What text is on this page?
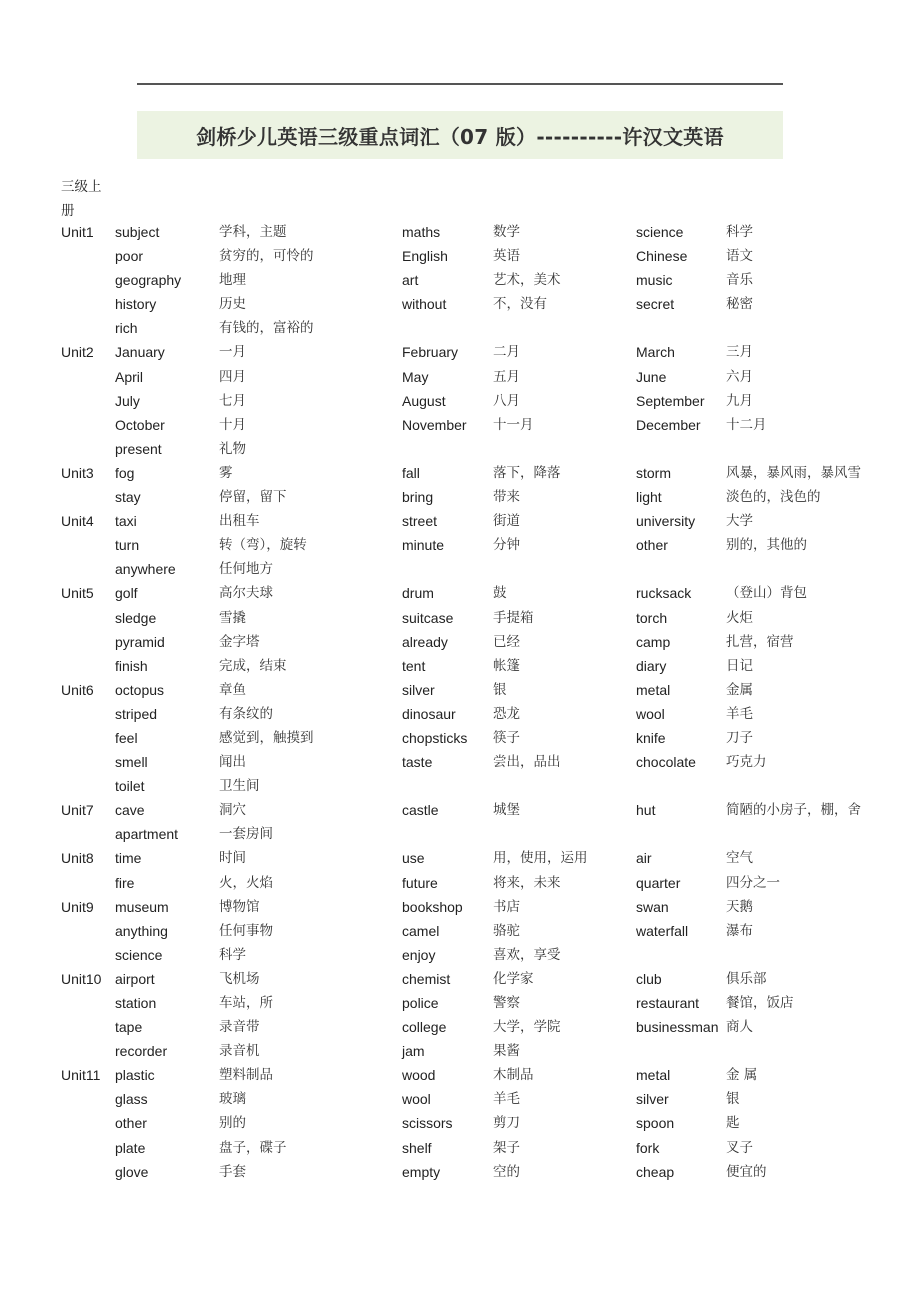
剑桥少儿英语三级重点词汇（07 版）----------许汉文英语
三级上
册
Unit1 subject	学科，主题	maths	数学	science	科学
poor	贫穷的，可怜的	English	英语	Chinese	语文
geography	地理	art	艺术，美术	music	音乐
history	历史	without	不，没有	secret	秘密
rich	有钱的，富裕的
Unit2 January	一月	February	二月	March	三月
April	四月	May	五月	June	六月
July	七月	August	八月	September 九月
October	十月	November 十一月	December 十二月
present	礼物
Unit3 fog	雾	fall	落下，降落	storm	风暴，暴风雨，暴风雪
stay	停留，留下	bring	带来	light	淡色的，浅色的
Unit4 taxi	出租车	street	街道	university 大学
turn	转（弯），旋转	minute	分钟	other	别的，其他的
anywhere	任何地方
Unit5 golf	高尔夫球	drum	鼓	rucksack	（登山）背包
sledge	雪撬	suitcase	手提箱	torch	火炬
pyramid	金字塔	already	已经	camp	扎营，宿营
finish	完成，结束	tent	帐篷	diary	日记
Unit6 octopus	章鱼	silver	银	metal	金属
striped	有条纹的	dinosaur	恐龙	wool	羊毛
feel	感觉到，触摸到	chopsticks 筷子	knife	刀子
smell	闻出	taste	尝出，品出	chocolate 巧克力
toilet	卫生间
Unit7 cave	洞穴	castle	城堡	hut	简陋的小房子，棚，舍
apartment	一套房间
Unit8 time	时间	use	用，使用，运用	air	空气
fire	火，火焰	future	将来，未来	quarter	四分之一
Unit9 museum	博物馆	bookshop 书店	swan	天鹅
anything	任何事物	camel	骆驼	waterfall	瀑布
science	科学	enjoy	喜欢，享受
Unit10 airport	飞机场	chemist	化学家	club	俱乐部
station	车站，所	police	警察	restaurant 餐馆，饭店
tape	录音带	college	大学，学院	businessman 商人
recorder	录音机	jam	果酱
Unit11 plastic	塑料制品	wood	木制品	metal	金 属
glass	玻璃	wool	羊毛	silver	银
other	别的	scissors	剪刀	spoon	匙
plate	盘子，碟子	shelf	架子	fork	叉子
glove	手套	empty	空的	cheap	便宜的
